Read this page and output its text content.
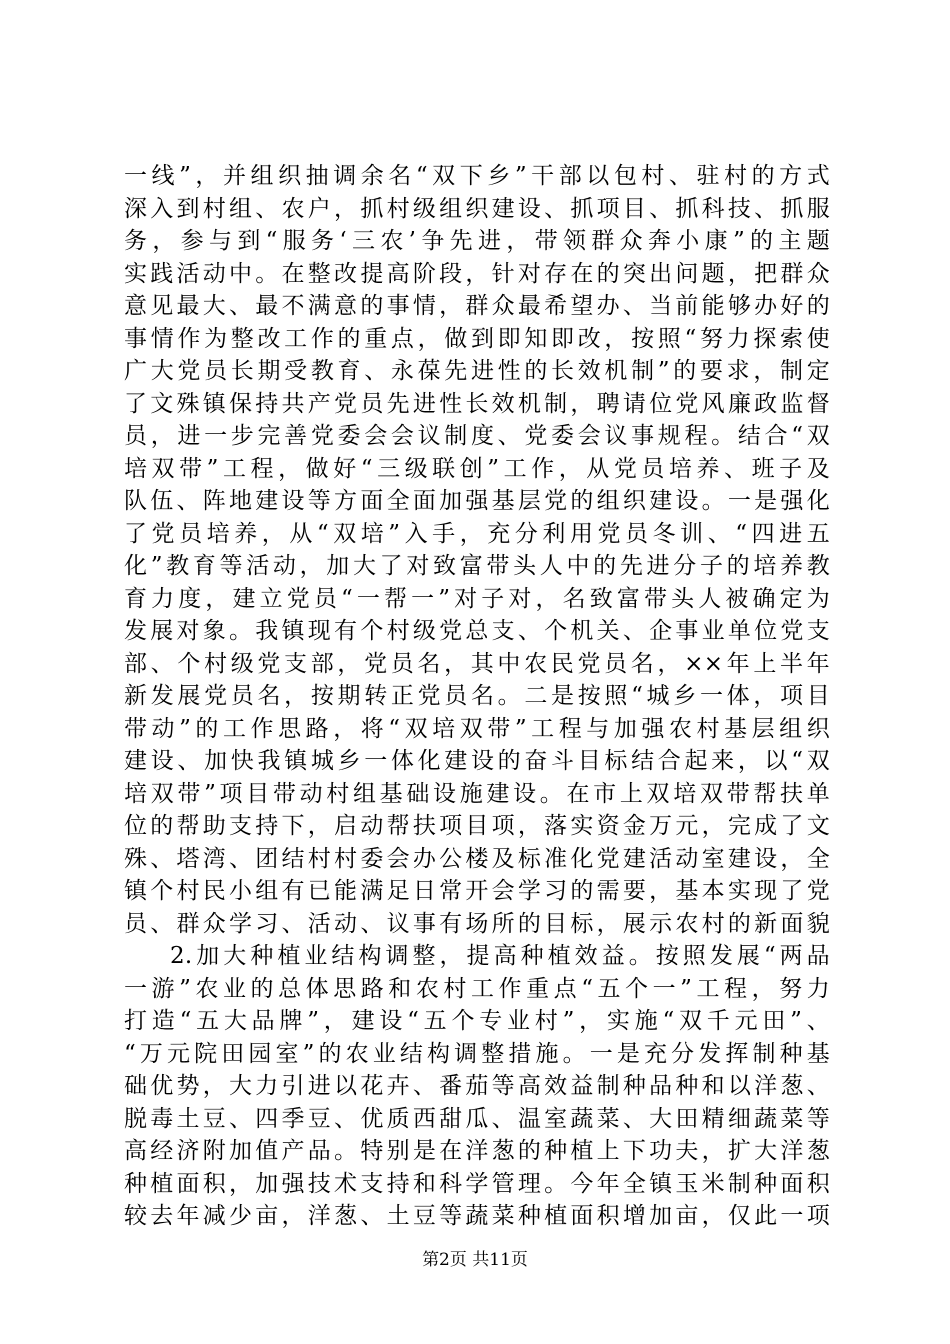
一线”，并组织抽调余名“双下乡”干部以包村、驻村的方式
深入到村组、农户，抓村级组织建设、抓项目、抓科技、抓服
务，参与到“服务‘三农’争先进，带领群众奔小康”的主题
实践活动中。在整改提高阶段，针对存在的突出问题，把群众
意见最大、最不满意的事情，群众最希望办、当前能够办好的
事情作为整改工作的重点，做到即知即改，按照“努力探索使
广大党员长期受教育、永葆先进性的长效机制”的要求，制定
了文殊镇保持共产党员先进性长效机制，聘请位党风廉政监督
员，进一步完善党委会会议制度、党委会议事规程。结合“双
培双带”工程，做好“三级联创”工作，从党员培养、班子及
队伍、阵地建设等方面全面加强基层党的组织建设。一是强化
了党员培养，从“双培”入手，充分利用党员冬训、“四进五
化”教育等活动，加大了对致富带头人中的先进分子的培养教
育力度，建立党员“一帮一”对子对，名致富带头人被确定为
发展对象。我镇现有个村级党总支、个机关、企事业单位党支
部、个村级党支部，党员名，其中农民党员名，××年上半年
新发展党员名，按期转正党员名。二是按照“城乡一体，项目
带动”的工作思路，将“双培双带”工程与加强农村基层组织
建设、加快我镇城乡一体化建设的奋斗目标结合起来，以“双
培双带”项目带动村组基础设施建设。在市上双培双带帮扶单
位的帮助支持下，启动帮扶项目项，落实资金万元，完成了文
殊、塔湾、团结村村委会办公楼及标准化党建活动室建设，全
镇个村民小组有已能满足日常开会学习的需要，基本实现了党
员、群众学习、活动、议事有场所的目标，展示农村的新面貌
2.加大种植业结构调整，提高种植效益。按照发展“两品
一游”农业的总体思路和农村工作重点“五个一”工程，努力
打造“五大品牌”，建设“五个专业村”，实施“双千元田”、
“万元院田园室”的农业结构调整措施。一是充分发挥制种基
础优势，大力引进以花卉、番茄等高效益制种品种和以洋葱、
脱毒土豆、四季豆、优质西甜瓜、温室蔬菜、大田精细蔬菜等
高经济附加值产品。特别是在洋葱的种植上下功夫，扩大洋葱
种植面积，加强技术支持和科学管理。今年全镇玉米制种面积
较去年减少亩，洋葱、土豆等蔬菜种植面积增加亩，仅此一项
第2页 共11页
